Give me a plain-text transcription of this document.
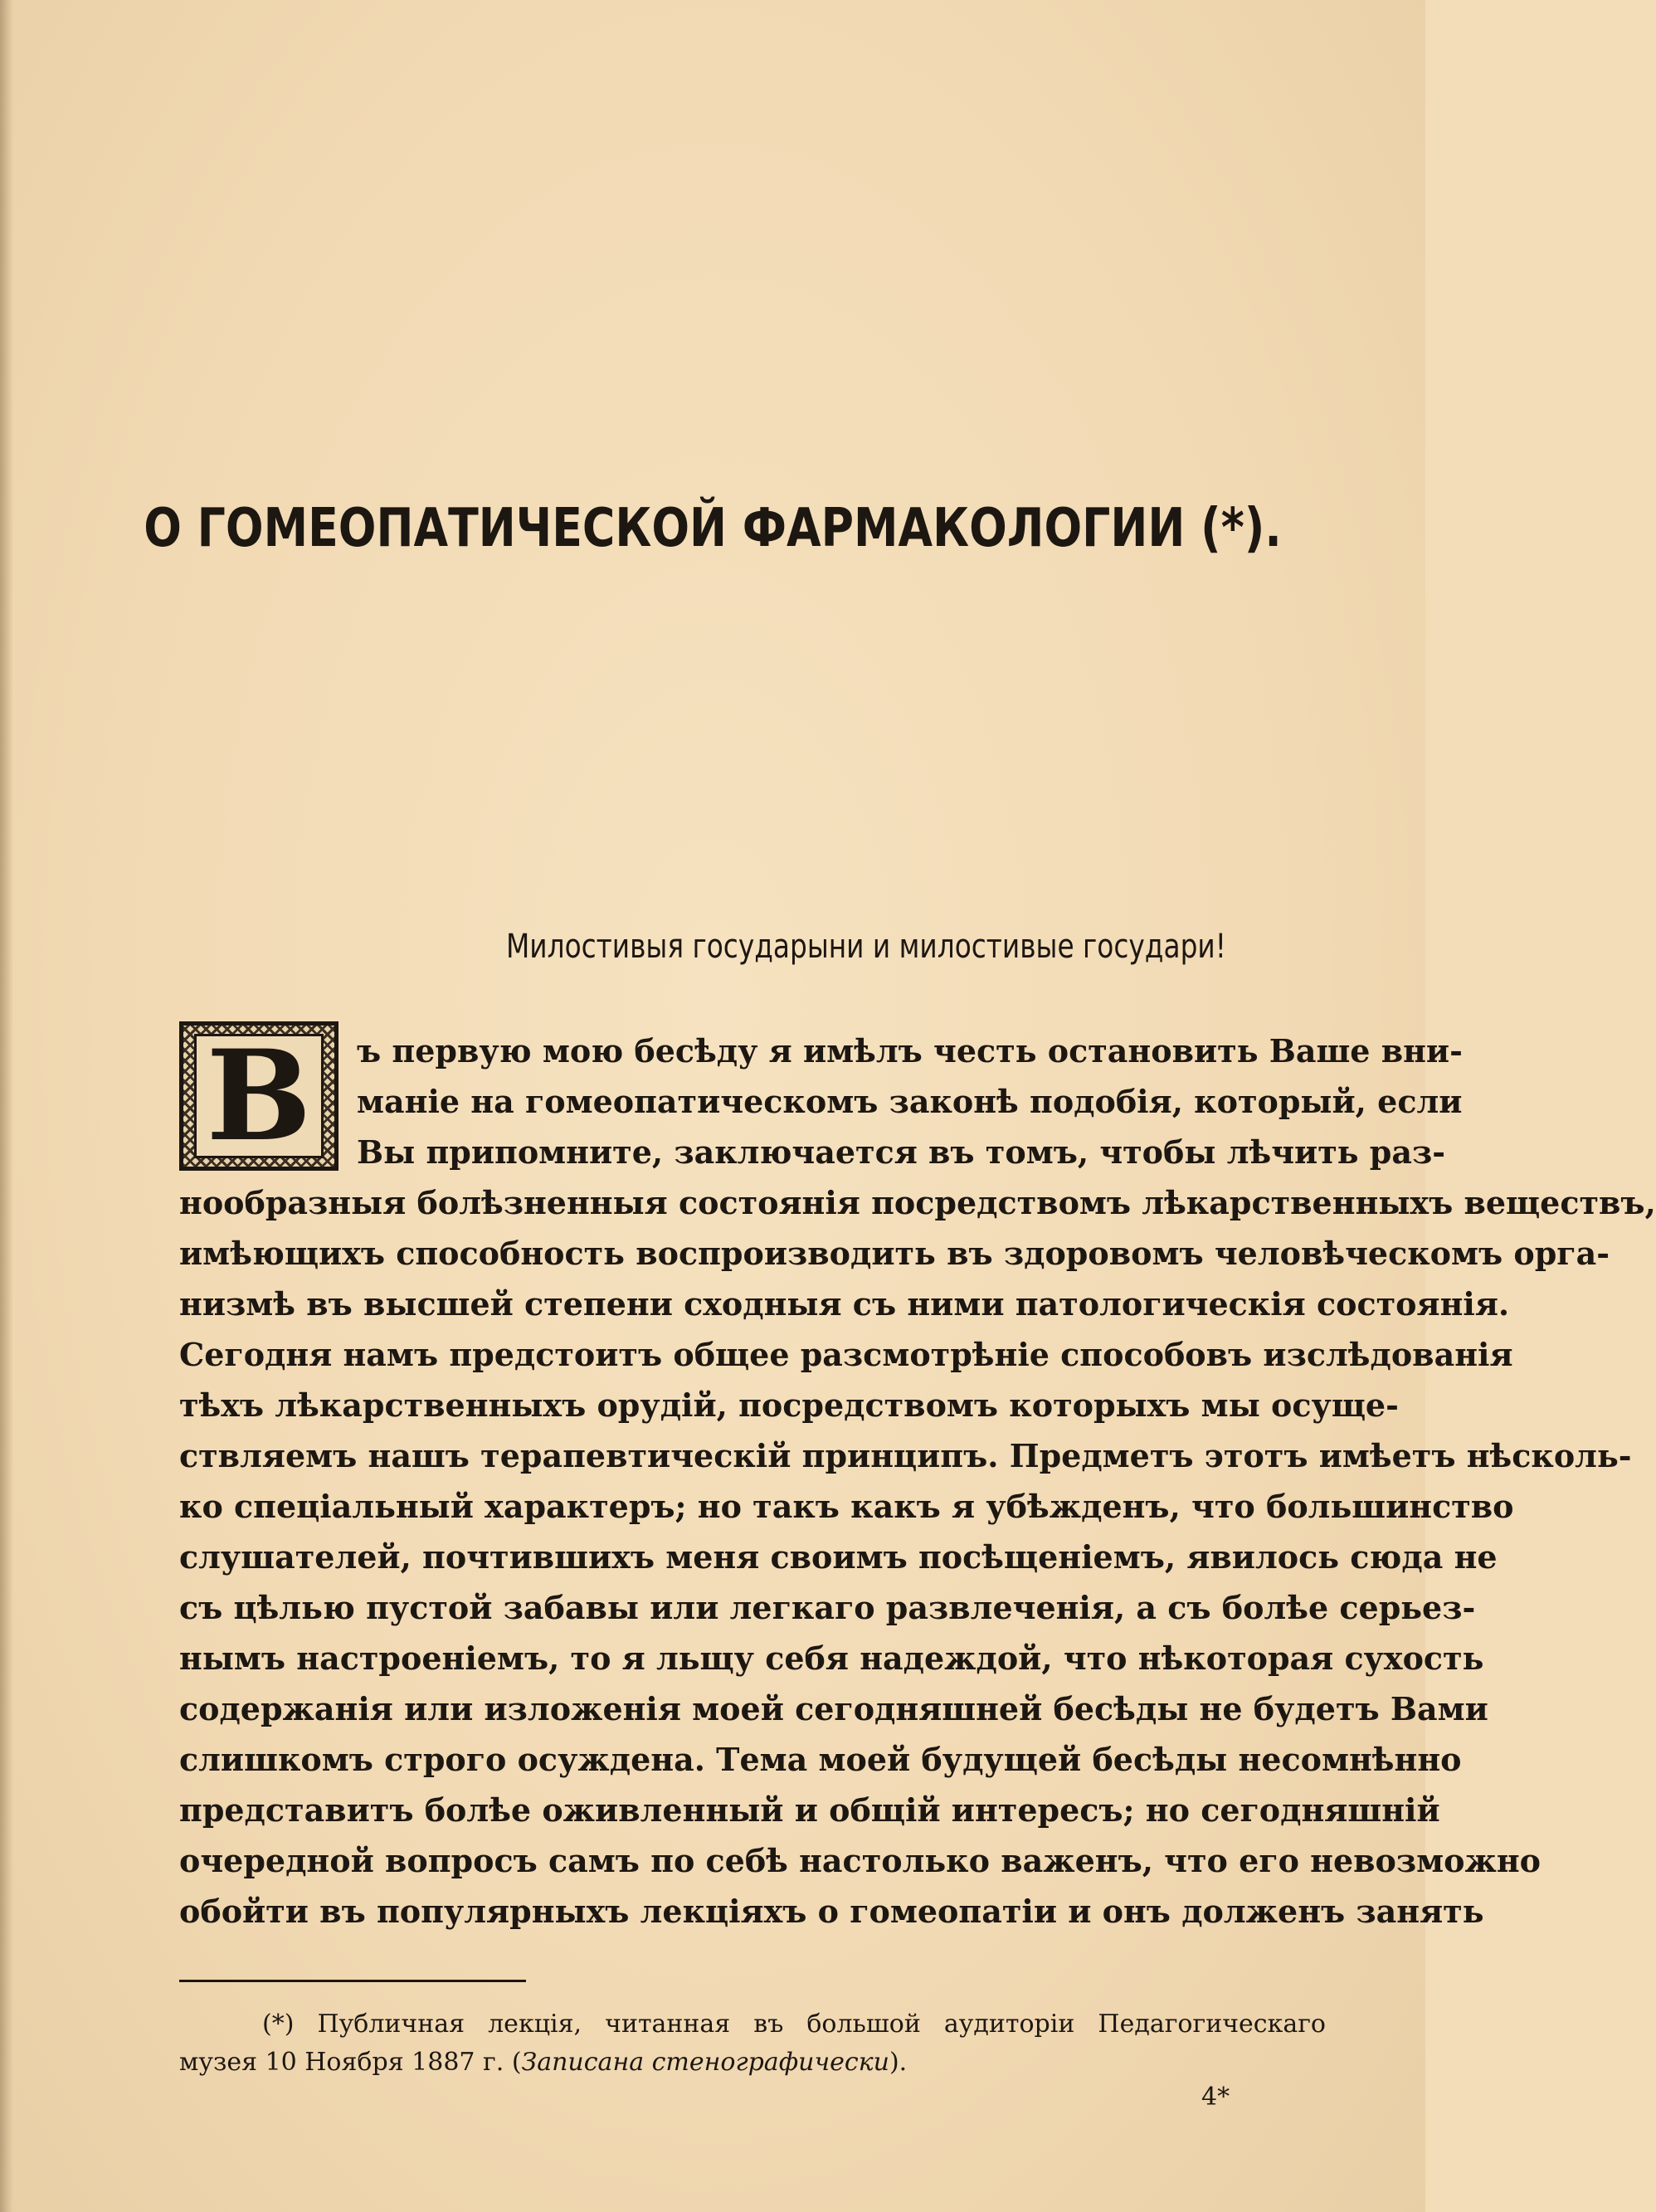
О ГОМЕОПАТИЧЕСКОЙ ФАРМАКОЛОГИИ (*).
Милостивыя государыни и милостивые государи!
В	ъ первую мою бесѣду я имѣлъ честь остановить Ваше вни-
маніе на гомеопатическомъ законѣ подобія, который, если
Вы припомните, заключается въ томъ, чтобы лѣчить раз-
нообразныя болѣзненныя состоянія посредствомъ лѣкарственныхъ веществъ,
имѣющихъ способность воспроизводить въ здоровомъ человѣческомъ орга-
низмѣ въ высшей степени сходныя съ ними патологическія состоянія.
Сегодня намъ предстоитъ общее разсмотрѣніе способовъ изслѣдованія
тѣхъ лѣкарственныхъ орудій, посредствомъ которыхъ мы осуще-
ствляемъ нашъ терапевтическій принципъ. Предметъ этотъ имѣетъ нѣсколь-
ко спеціальный характеръ; но такъ какъ я убѣжденъ, что большинство
слушателей, почтившихъ меня своимъ посѣщеніемъ, явилось сюда не
съ цѣлью пустой забавы или легкаго развлеченія, а съ болѣе серьез-
нымъ настроеніемъ, то я льщу себя надеждой, что нѣкоторая сухость
содержанія или изложенія моей сегодняшней бесѣды не будетъ Вами
слишкомъ строго осуждена. Тема моей будущей бесѣды несомнѣнно
представитъ болѣе оживленный и общій интересъ; но сегодняшній
очередной вопросъ самъ по себѣ настолько важенъ, что его невозможно
обойти въ популярныхъ лекціяхъ о гомеопатіи и онъ долженъ занять
(*) Публичная лекція, читанная въ большой аудиторіи Педагогическаго
музея 10 Ноября 1887 г. (Записана стенографически).
4*
